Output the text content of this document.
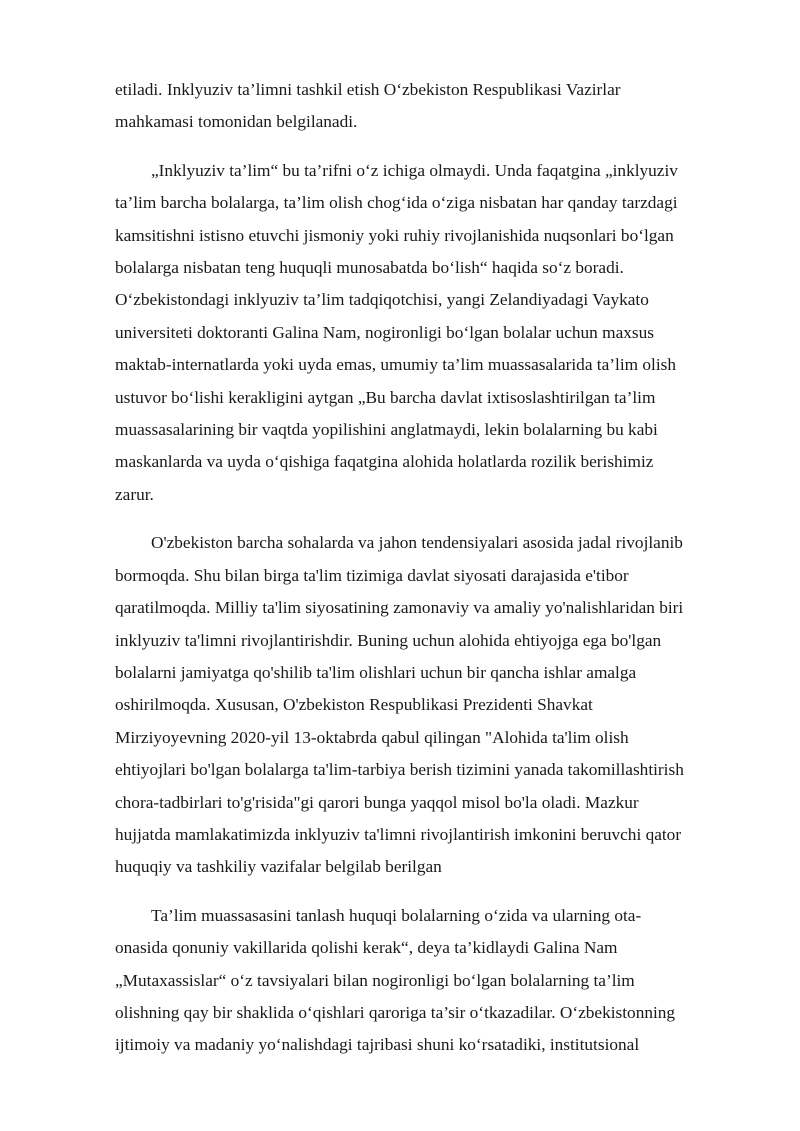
etiladi. Inklyuziv ta’limni tashkil etish O‘zbekiston Respublikasi Vazirlar
mahkamasi tomonidan belgilanadi.

„Inklyuziv ta’lim“ bu ta’rifni o‘z ichiga olmaydi. Unda faqatgina „inklyuziv
ta’lim barcha bolalarga, ta’lim olish chog‘ida o‘ziga nisbatan har qanday tarzdagi
kamsitishni istisno etuvchi jismoniy yoki ruhiy rivojlanishida nuqsonlari bo‘lgan
bolalarga nisbatan teng huquqli munosabatda bo‘lish“ haqida so‘z boradi.
O‘zbekistondagi inklyuziv ta’lim tadqiqotchisi, yangi Zelandiyadagi Vaykato
universiteti doktoranti Galina Nam, nogironligi bo‘lgan bolalar uchun maxsus
maktab-internatlarda yoki uyda emas, umumiy ta’lim muassasalarida ta’lim olish
ustuvor bo‘lishi kerakligini aytgan „Bu barcha davlat ixtisoslashtirilgan ta’lim
muassasalarining bir vaqtda yopilishini anglatmaydi, lekin bolalarning bu kabi
maskanlarda va uyda o‘qishiga faqatgina alohida holatlarda rozilik berishimiz
zarur.

O'zbekiston barcha sohalarda va jahon tendensiyalari asosida jadal rivojlanib
bormoqda. Shu bilan birga ta'lim tizimiga davlat siyosati darajasida e'tibor
qaratilmoqda. Milliy ta'lim siyosatining zamonaviy va amaliy yo'nalishlaridan biri
inklyuziv ta'limni rivojlantirishdir. Buning uchun alohida ehtiyojga ega bo'lgan
bolalarni jamiyatga qo'shilib ta'lim olishlari uchun bir qancha ishlar amalga
oshirilmoqda. Xususan, O'zbekiston Respublikasi Prezidenti Shavkat
Mirziyoyevning 2020-yil 13-oktabrda qabul qilingan "Alohida ta'lim olish
ehtiyojlari bo'lgan bolalarga ta'lim-tarbiya berish tizimini yanada takomillashtirish
chora-tadbirlari to'g'risida"gi qarori bunga yaqqol misol bo'la oladi. Mazkur
hujjatda mamlakatimizda inklyuziv ta'limni rivojlantirish imkonini beruvchi qator
huquqiy va tashkiliy vazifalar belgilab berilgan

Ta’lim muassasasini tanlash huquqi bolalarning o‘zida va ularning ota-
onasida qonuniy vakillarida qolishi kerak“, deya ta’kidlaydi Galina Nam
„Mutaxassislar“ o‘z tavsiyalari bilan nogironligi bo‘lgan bolalarning ta’lim
olishning qay bir shaklida o‘qishlari qaroriga ta’sir o‘tkazadilar. O‘zbekistonning
ijtimoiy va madaniy yo‘nalishdagi tajribasi shuni ko‘rsatadiki, institutsional
